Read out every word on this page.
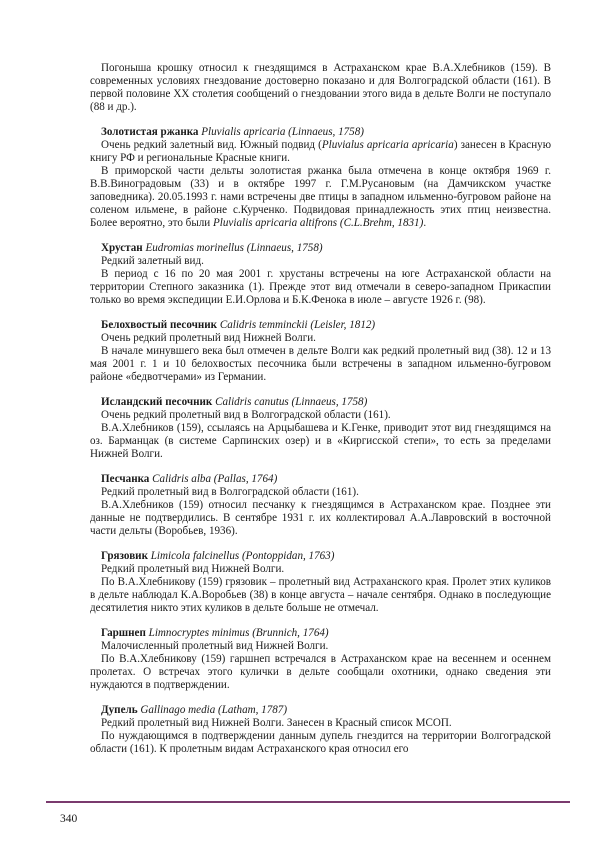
Погоныша крошку относил к гнездящимся в Астраханском крае В.А.Хлебников (159). В современных условиях гнездование достоверно показано и для Волгоградской области (161). В первой половине XX столетия сообщений о гнездовании этого вида в дельте Волги не поступало (88 и др.).

Золотистая ржанка Pluvialis apricaria (Linnaeus, 1758)

Очень редкий залетный вид. Южный подвид (Pluvialus apricaria apricaria) занесен в Красную книгу РФ и региональные Красные книги.

В приморской части дельты золотистая ржанка была отмечена в конце октября 1969 г. В.В.Виноградовым (33) и в октябре 1997 г. Г.М.Русановым (на Дамчикском участке заповедника). 20.05.1993 г. нами встречены две птицы в западном ильменно-бугровом районе на соленом ильмене, в районе с.Курченко. Подвидовая принадлежность этих птиц неизвестна. Более вероятно, это были Pluvialis apricaria altifrons (C.L.Brehm, 1831).

Хрустан Eudromias morinellus (Linnaeus, 1758)

Редкий залетный вид.

В период с 16 по 20 мая 2001 г. хрустаны встречены на юге Астраханской области на территории Степного заказника (1). Прежде этот вид отмечали в северо-западном Прикаспии только во время экспедиции Е.И.Орлова и Б.К.Фенока в июле – августе 1926 г. (98).

Белохвостый песочник Calidris temminckii (Leisler, 1812)

Очень редкий пролетный вид Нижней Волги.

В начале минувшего века был отмечен в дельте Волги как редкий пролетный вид (38). 12 и 13 мая 2001 г. 1 и 10 белохвостых песочника были встречены в западном ильменно-бугровом районе «бедвотчерами» из Германии.

Исландский песочник Calidris canutus (Linnaeus, 1758)

Очень редкий пролетный вид в Волгоградской области (161).

В.А.Хлебников (159), ссылаясь на Арцыбашева и К.Генке, приводит этот вид гнездящимся на оз. Барманцак (в системе Сарпинских озер) и в «Киргисской степи», то есть за пределами Нижней Волги.

Песчанка Calidris alba (Pallas, 1764)

Редкий пролетный вид в Волгоградской области (161).

В.А.Хлебников (159) относил песчанку к гнездящимся в Астраханском крае. Позднее эти данные не подтвердились. В сентябре 1931 г. их коллектировал А.А.Лавровский в восточной части дельты (Воробьев, 1936).

Грязовик Limicola falcinellus (Pontoppidan, 1763)

Редкий пролетный вид Нижней Волги.

По В.А.Хлебникову (159) грязовик – пролетный вид Астраханского края. Пролет этих куликов в дельте наблюдал К.А.Воробьев (38) в конце августа – начале сентября. Однако в последующие десятилетия никто этих куликов в дельте больше не отмечал.

Гаршнеп Limnocryptes minimus (Brunnich, 1764)

Малочисленный пролетный вид Нижней Волги.

По В.А.Хлебникову (159) гаршнеп встречался в Астраханском крае на весеннем и осеннем пролетах. О встречах этого кулички в дельте сообщали охотники, однако сведения эти нуждаются в подтверждении.

Дупель Gallinago media (Latham, 1787)

Редкий пролетный вид Нижней Волги. Занесен в Красный список МСОП.

По нуждающимся в подтверждении данным дупель гнездится на территории Волгоградской области (161). К пролетным видам Астраханского края относил его

340
